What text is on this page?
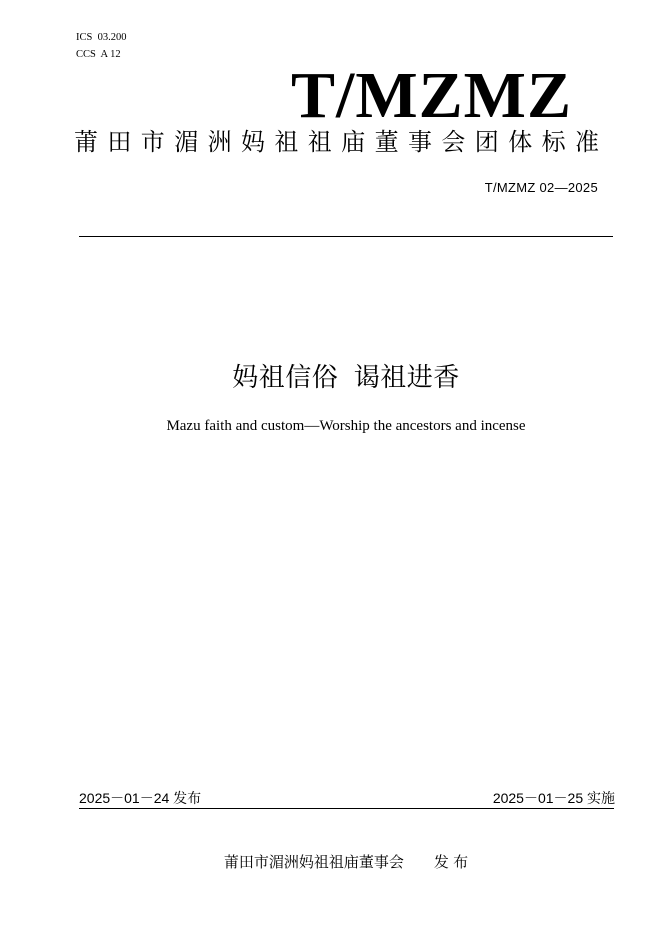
ICS  03.200
CCS  A 12
T/MZMZ
莆田市湄洲妈祖祖庙董事会团体标准
T/MZMZ 02—2025
妈祖信俗  谒祖进香
Mazu faith and custom—Worship the ancestors and incense
2025－01－24 发布	2025－01－25 实施
莆田市湄洲妈祖祖庙董事会 发 布
